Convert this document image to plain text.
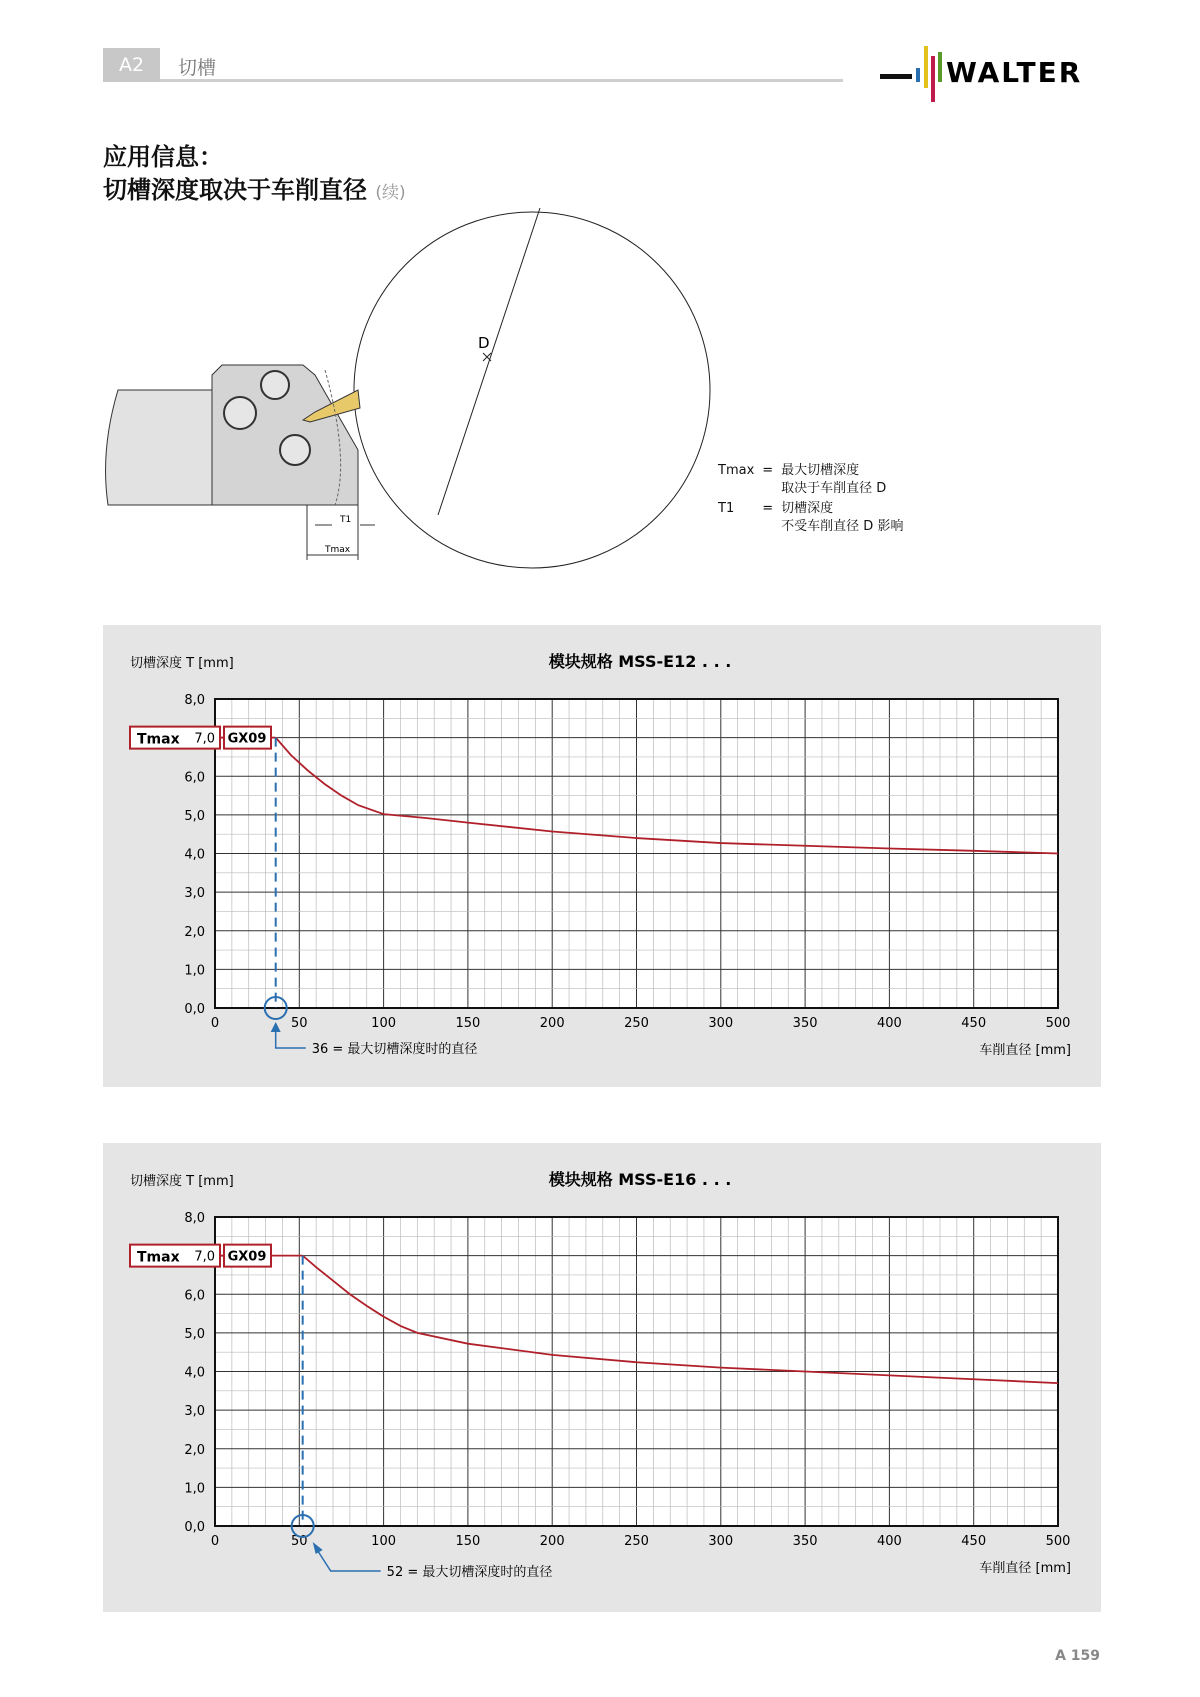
A2	切槽	WALTER
应用信息：
切槽深度取决于车削直径 (续)
Tmax
T1
D
Tmax	=	最大切槽深度
取决于车削直径 D
T1	=	切槽深度
不受车削直径 D 影响
0	50	100	150	200	250	300	350	400	450	500
0,0
1,0
2,0
3,0
4,0
5,0
6,0
8,0
切槽深度 T [mm]	模块规格 MSS-E12 . . .
车削直径 [mm]
Tmax 7,0 GX09
36 = 最大切槽深度时的直径
0	50	100	150	200	250	300	350	400	450	500
0,0
1,0
2,0
3,0
4,0
5,0
6,0
8,0
切槽深度 T [mm]	模块规格 MSS-E16 . . .
车削直径 [mm]
Tmax 7,0 GX09
52 = 最大切槽深度时的直径
A 159
